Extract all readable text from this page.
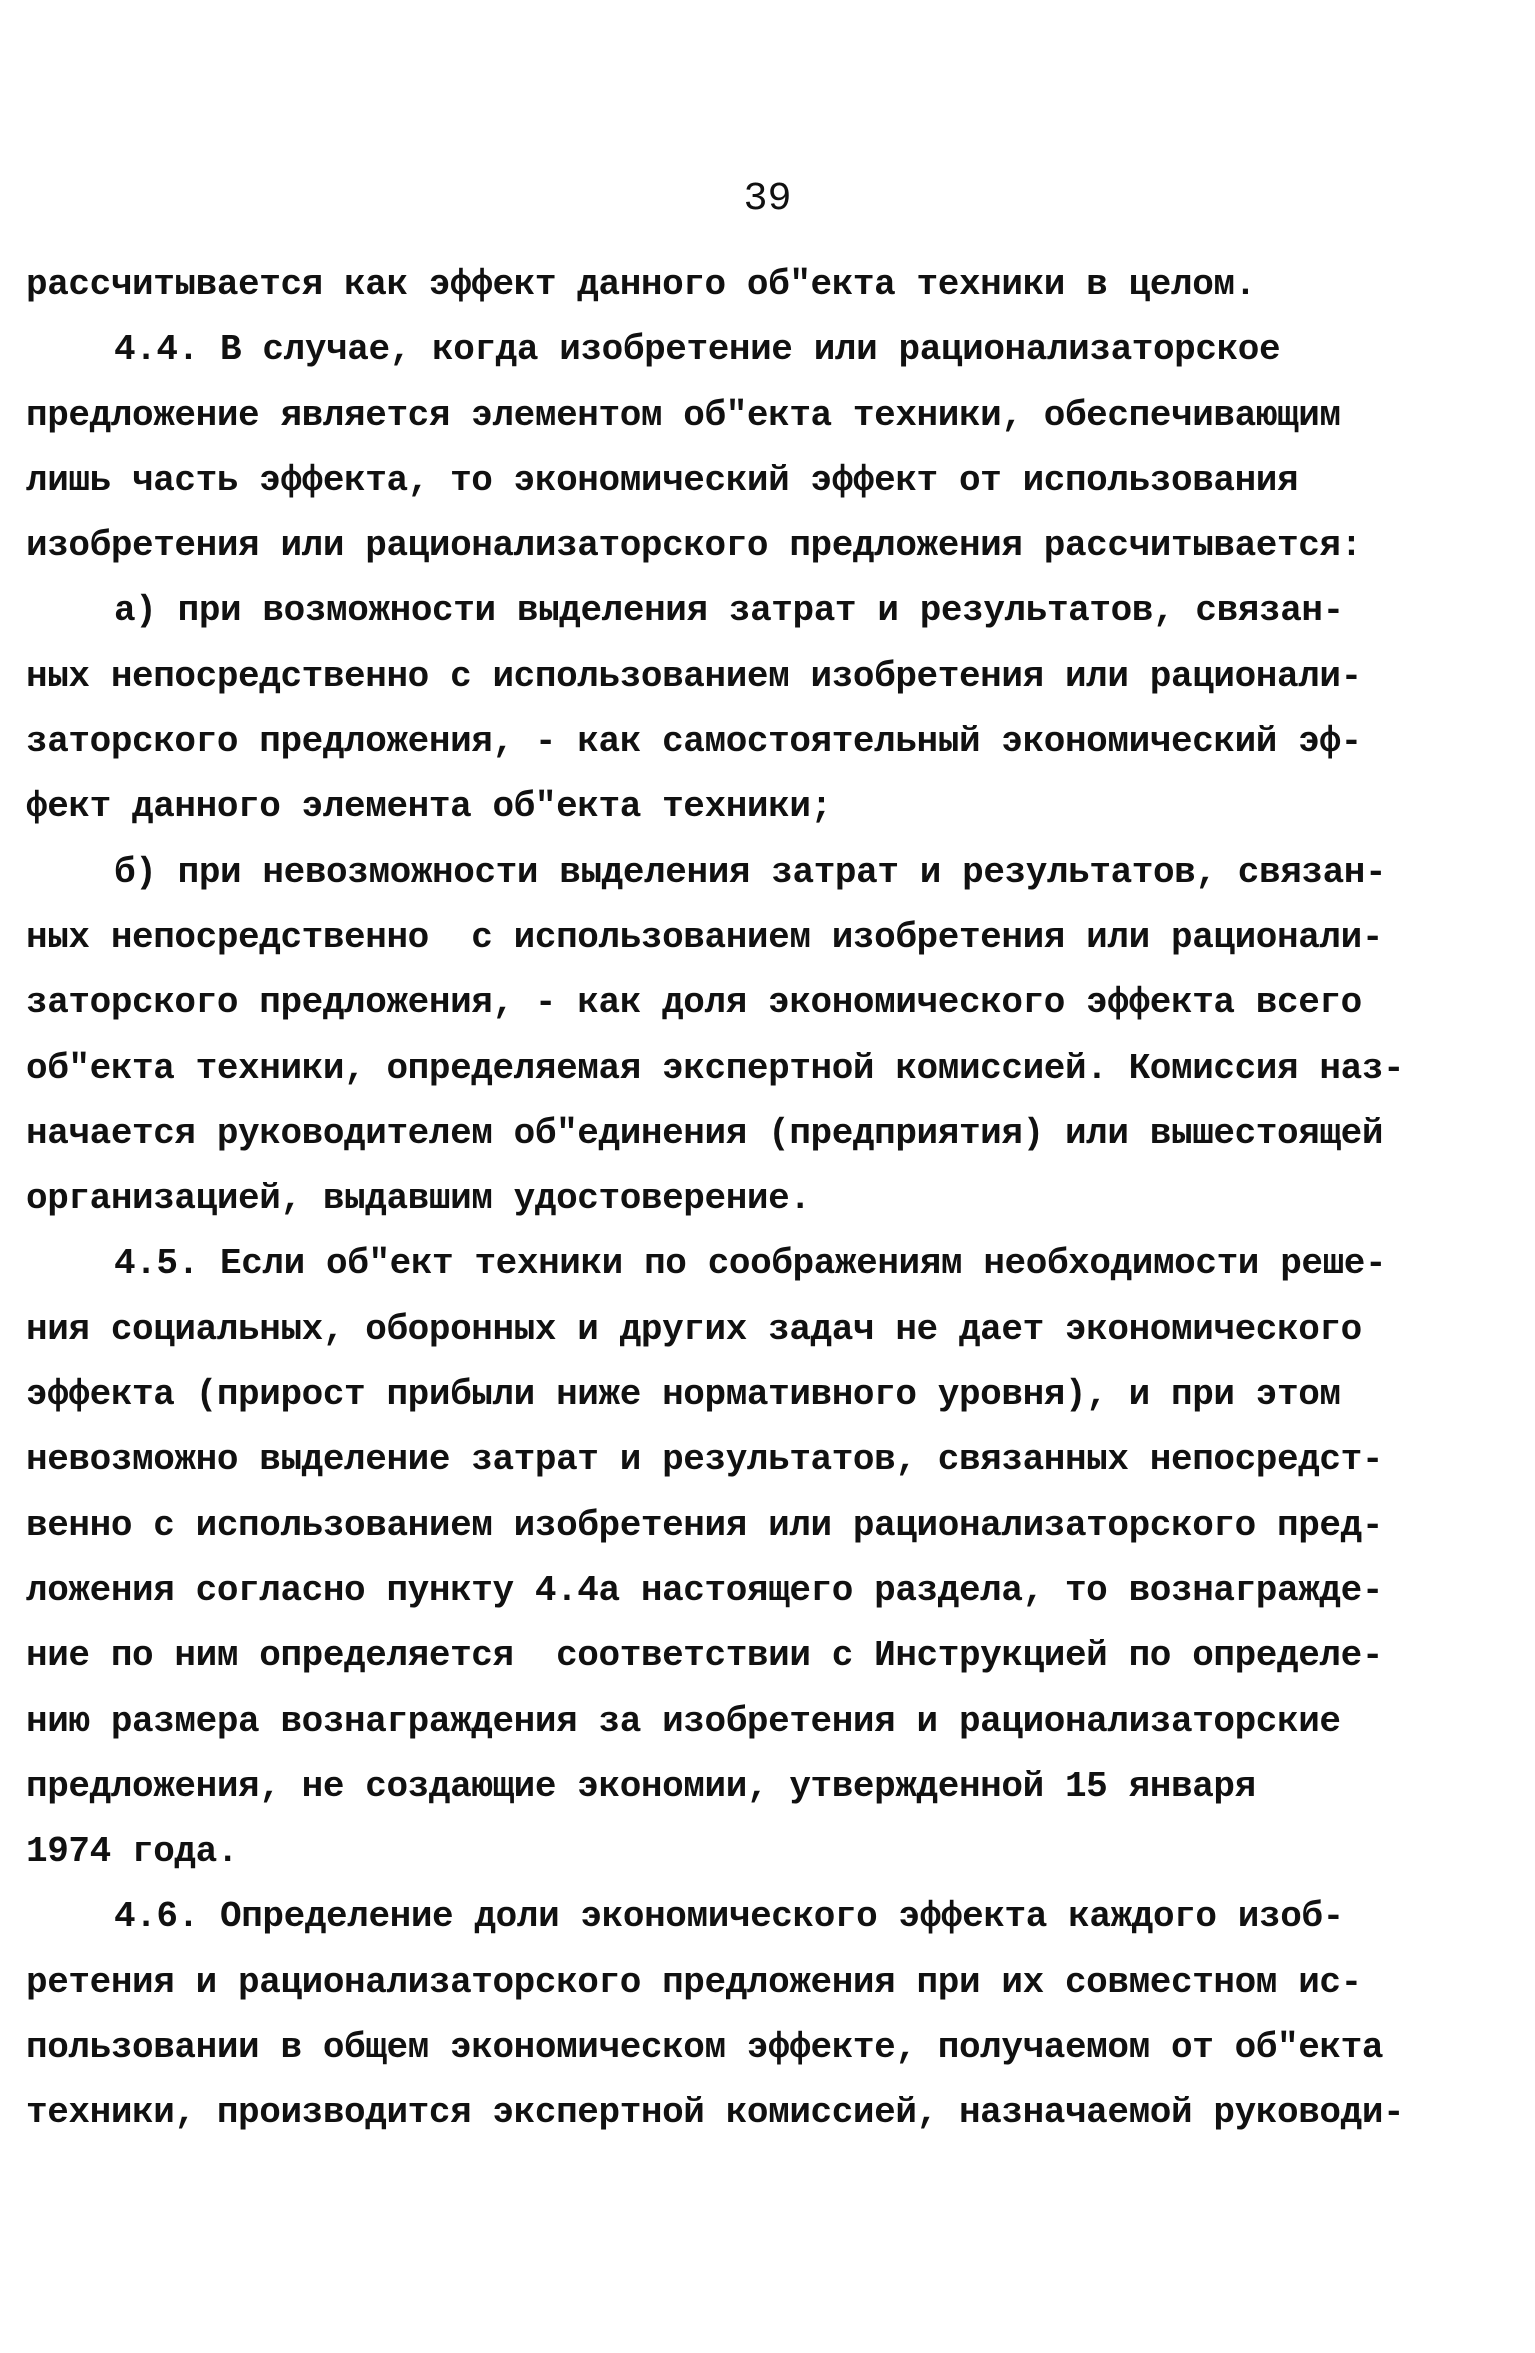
39
рассчитывается как эффект данного об"екта техники в целом.
4.4. В случае, когда изобретение или рационализаторское
предложение является элементом об"екта техники, обеспечивающим
лишь часть эффекта, то экономический эффект от использования
изобретения или рационализаторского предложения рассчитывается:
а) при возможности выделения затрат и результатов, связан-
ных непосредственно с использованием изобретения или рационали-
заторского предложения, - как самостоятельный экономический эф-
фект данного элемента об"екта техники;
б) при невозможности выделения затрат и результатов, связан-
ных непосредственно  с использованием изобретения или рационали-
заторского предложения, - как доля экономического эффекта всего
об"екта техники, определяемая экспертной комиссией. Комиссия наз-
начается руководителем об"единения (предприятия) или вышестоящей
организацией, выдавшим удостоверение.
4.5. Если об"ект техники по соображениям необходимости реше-
ния социальных, оборонных и других задач не дает экономического
эффекта (прирост прибыли ниже нормативного уровня), и при этом
невозможно выделение затрат и результатов, связанных непосредст-
венно с использованием изобретения или рационализаторского пред-
ложения согласно пункту 4.4а настоящего раздела, то вознагражде-
ние по ним определяется  соответствии с Инструкцией по определе-
нию размера вознаграждения за изобретения и рационализаторские
предложения, не создающие экономии, утвержденной 15 января
1974 года.
4.6. Определение доли экономического эффекта каждого изоб-
ретения и рационализаторского предложения при их совместном ис-
пользовании в общем экономическом эффекте, получаемом от об"екта
техники, производится экспертной комиссией, назначаемой руководи-
